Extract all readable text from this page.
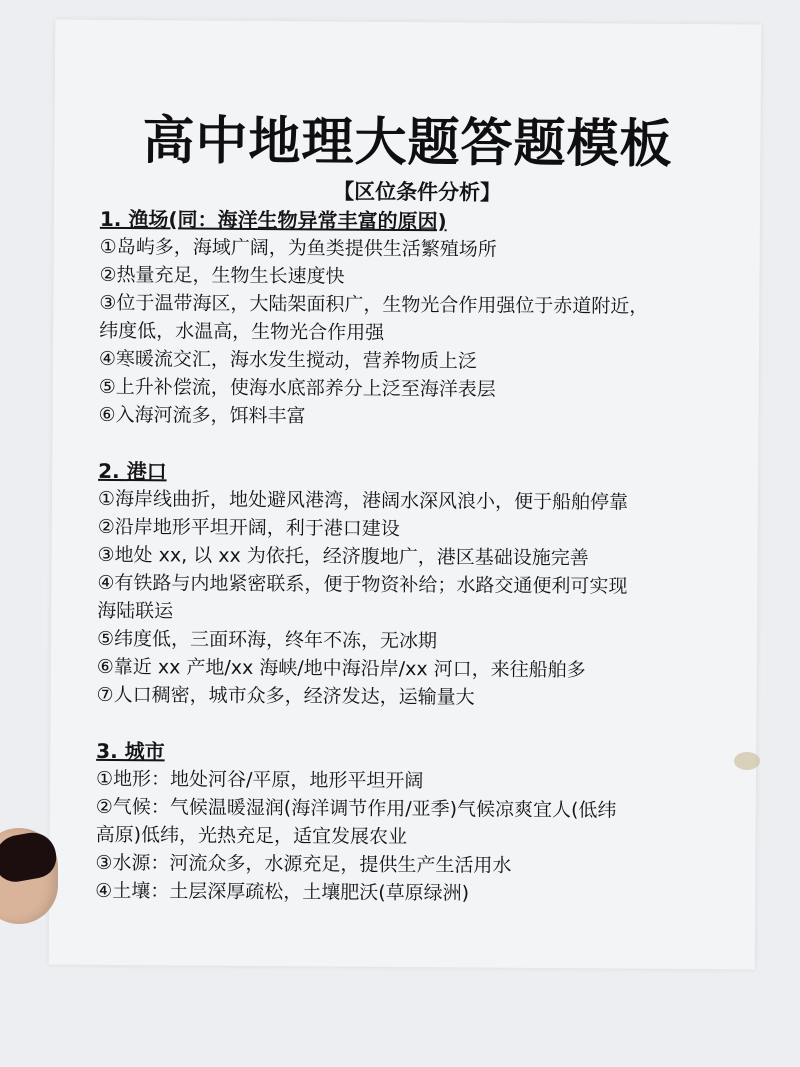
高中地理大题答题模板
【区位条件分析】
1. 渔场(同：海洋生物异常丰富的原因)
①岛屿多，海域广阔，为鱼类提供生活繁殖场所
②热量充足，生物生长速度快
③位于温带海区，大陆架面积广，生物光合作用强位于赤道附近，
纬度低，水温高，生物光合作用强
④寒暖流交汇，海水发生搅动，营养物质上泛
⑤上升补偿流，使海水底部养分上泛至海洋表层
⑥入海河流多，饵料丰富
2. 港口
①海岸线曲折，地处避风港湾，港阔水深风浪小，便于船舶停靠
②沿岸地形平坦开阔，利于港口建设
③地处 xx, 以 xx 为依托，经济腹地广，港区基础设施完善
④有铁路与内地紧密联系，便于物资补给；水路交通便利可实现
海陆联运
⑤纬度低，三面环海，终年不冻，无冰期
⑥靠近 xx 产地/xx 海峡/地中海沿岸/xx 河口，来往船舶多
⑦人口稠密，城市众多，经济发达，运输量大
3. 城市
①地形：地处河谷/平原，地形平坦开阔
②气候：气候温暖湿润(海洋调节作用/亚季)气候凉爽宜人(低纬
高原)低纬，光热充足，适宜发展农业
③水源：河流众多，水源充足，提供生产生活用水
④土壤：土层深厚疏松，土壤肥沃(草原绿洲)
